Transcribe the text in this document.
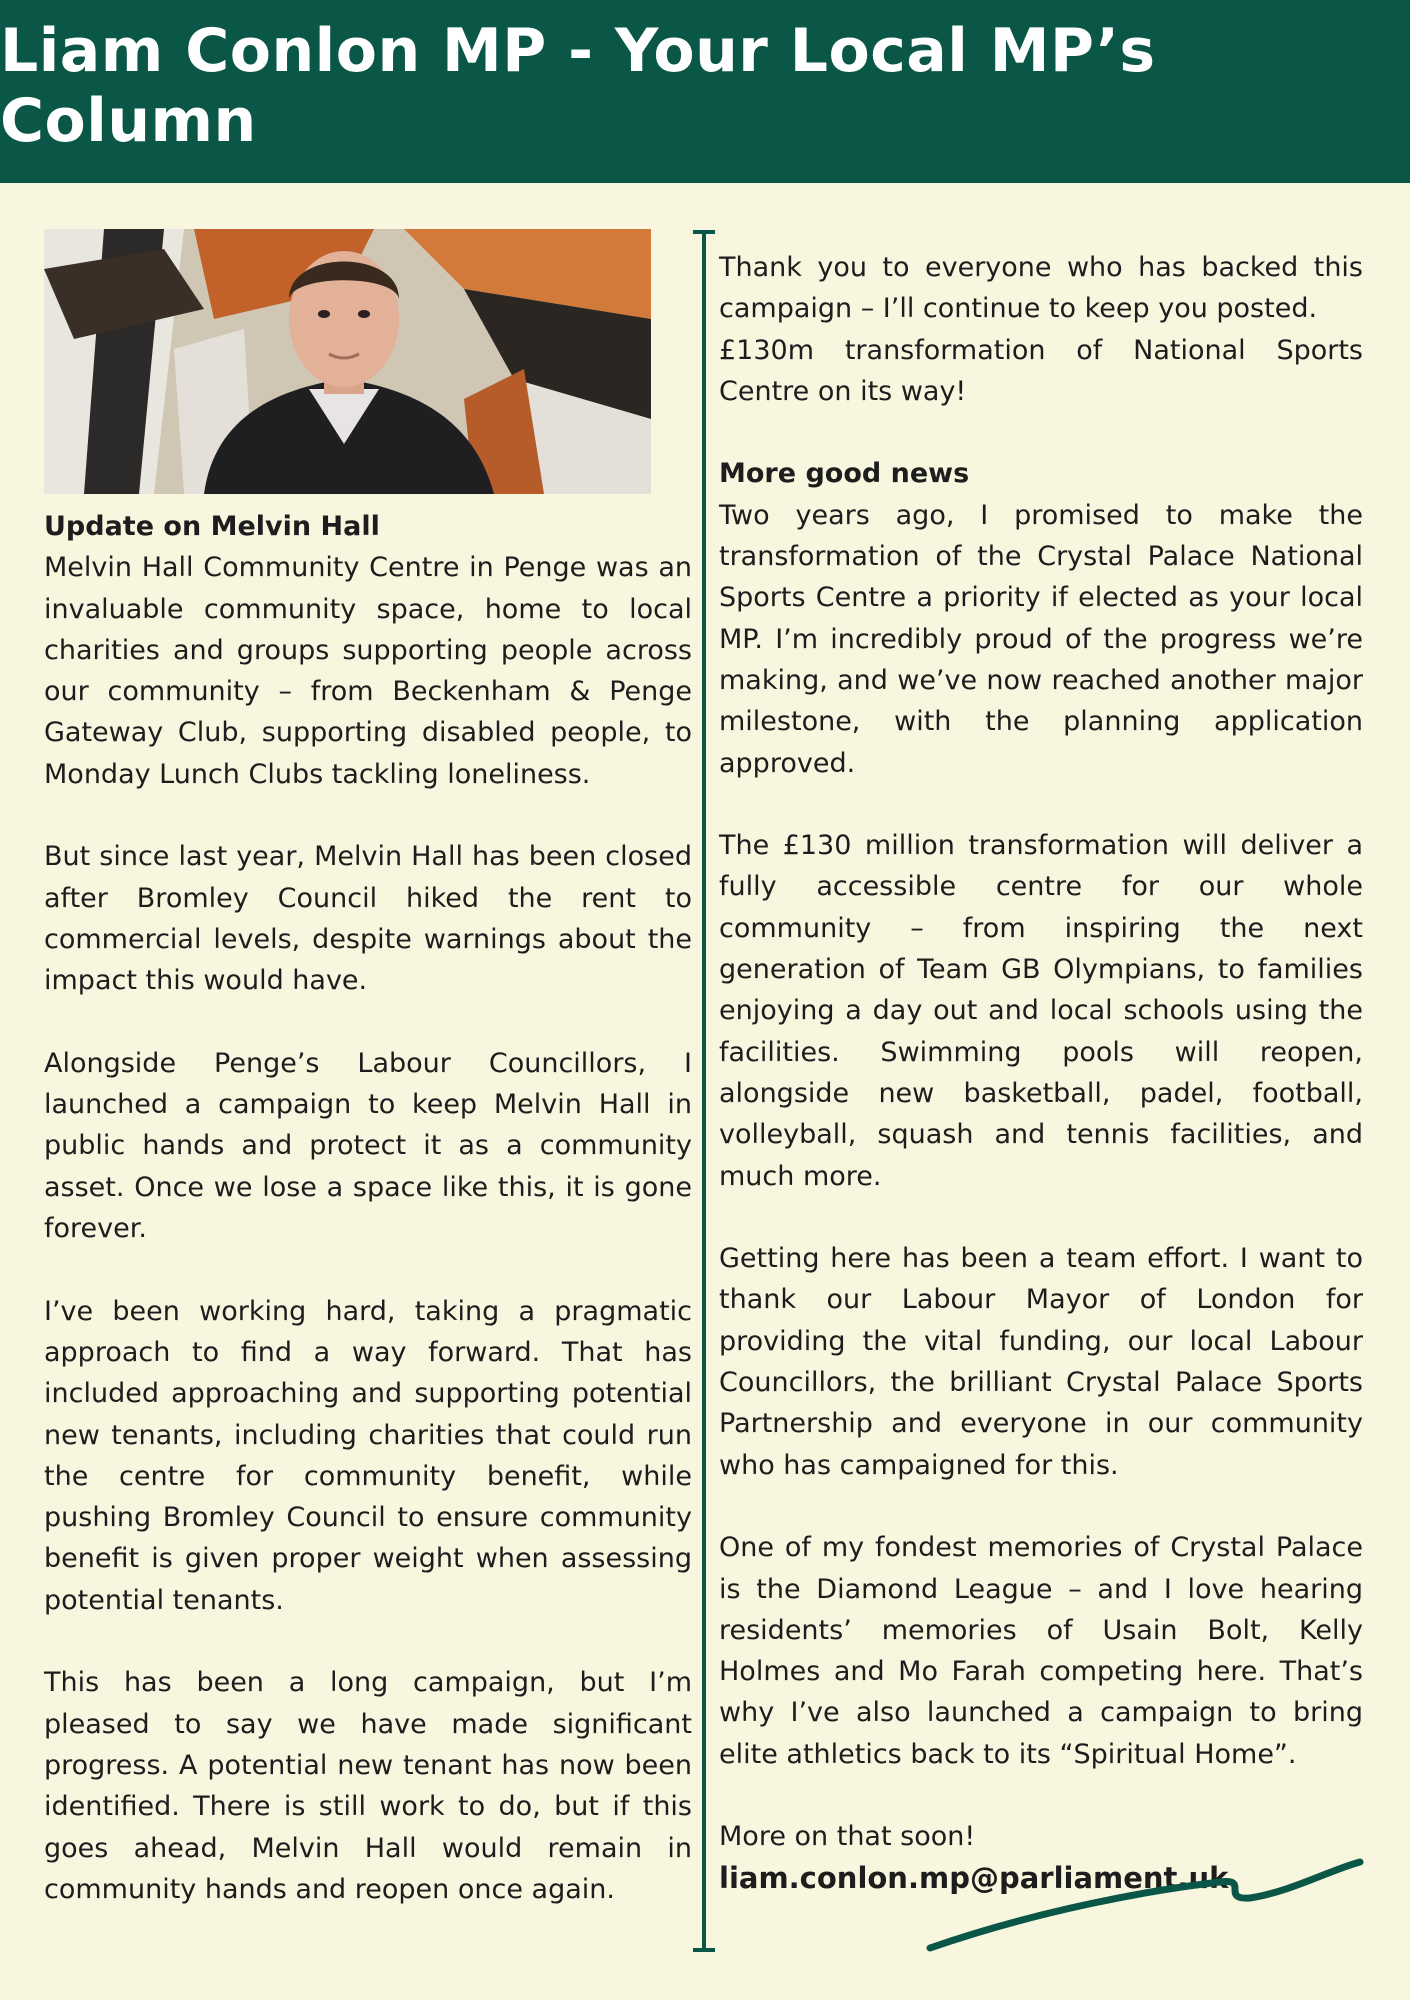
Liam Conlon MP - Your Local MP’s Column
Update on Melvin Hall

Melvin Hall Community Centre in Penge was an invaluable community space, home to local charities and groups supporting people across our community – from Beckenham & Penge Gateway Club, supporting disabled people, to Monday Lunch Clubs tackling loneliness.

But since last year, Melvin Hall has been closed after Bromley Council hiked the rent to commercial levels, despite warnings about the impact this would have.

Alongside Penge’s Labour Councillors, I launched a campaign to keep Melvin Hall in public hands and protect it as a community asset. Once we lose a space like this, it is gone forever.

I’ve been working hard, taking a pragmatic approach to find a way forward. That has included approaching and supporting potential new tenants, including charities that could run the centre for community benefit, while pushing Bromley Council to ensure community benefit is given proper weight when assessing potential tenants.

This has been a long campaign, but I’m pleased to say we have made significant progress. A potential new tenant has now been identified. There is still work to do, but if this goes ahead, Melvin Hall would remain in community hands and reopen once again.

Thank you to everyone who has backed this campaign – I’ll continue to keep you posted.

£130m transformation of National Sports Centre on its way!

More good news

Two years ago, I promised to make the transformation of the Crystal Palace National Sports Centre a priority if elected as your local MP. I’m incredibly proud of the progress we’re making, and we’ve now reached another major milestone, with the planning application approved.

The £130 million transformation will deliver a fully accessible centre for our whole community – from inspiring the next generation of Team GB Olympians, to families enjoying a day out and local schools using the facilities. Swimming pools will reopen, alongside new basketball, padel, football, volleyball, squash and tennis facilities, and much more.

Getting here has been a team effort. I want to thank our Labour Mayor of London for providing the vital funding, our local Labour Councillors, the brilliant Crystal Palace Sports Partnership and everyone in our community who has campaigned for this.

One of my fondest memories of Crystal Palace is the Diamond League – and I love hearing residents’ memories of Usain Bolt, Kelly Holmes and Mo Farah competing here. That’s why I’ve also launched a campaign to bring elite athletics back to its “Spiritual Home”.

More on that soon!

liam.conlon.mp@parliament.uk
